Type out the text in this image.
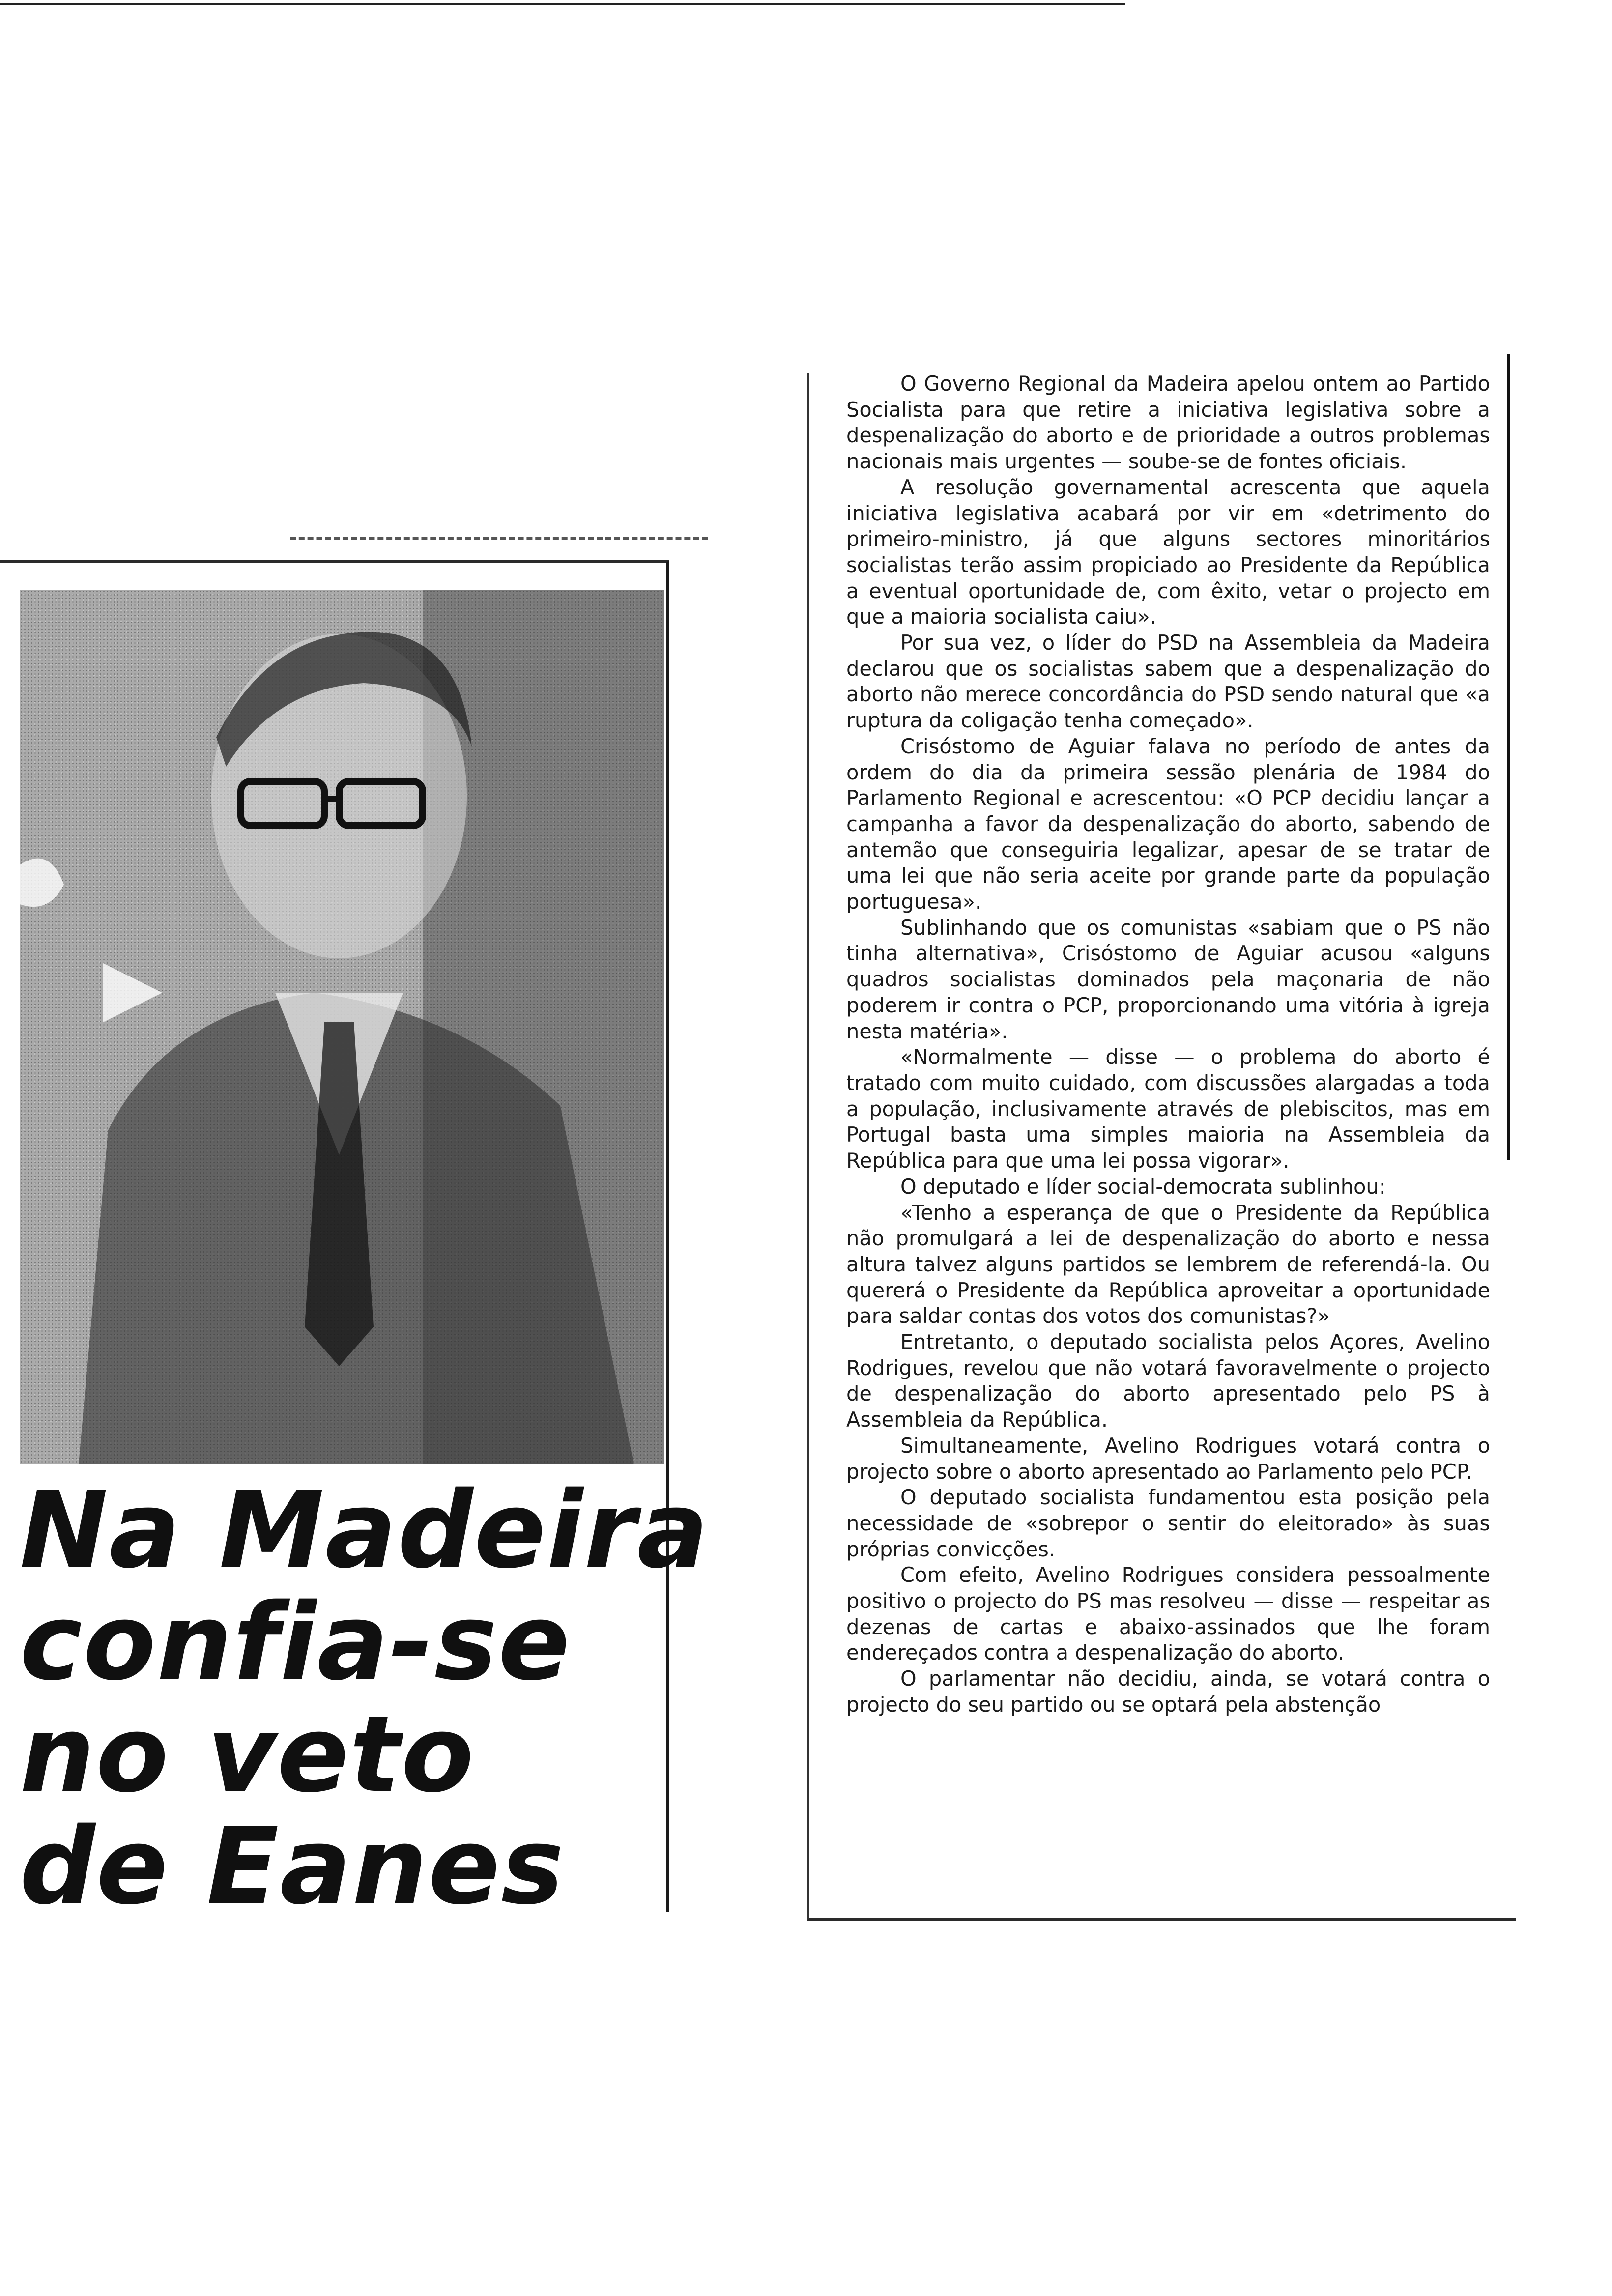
Na Madeira
confia-se
no veto
de Eanes

O Governo Regional da Madeira apelou ontem ao Partido Socialista para que retire a iniciativa legislativa sobre a despenalização do aborto e de prioridade a outros problemas nacionais mais urgentes — soube-se de fontes oficiais.

A resolução governamental acrescenta que aquela iniciativa legislativa acabará por vir em «detrimento do primeiro-ministro, já que alguns sectores minoritários socialistas terão assim propiciado ao Presidente da República a eventual oportunidade de, com êxito, vetar o projecto em que a maioria socialista caiu».

Por sua vez, o líder do PSD na Assembleia da Madeira declarou que os socialistas sabem que a despenalização do aborto não merece concordância do PSD sendo natural que «a ruptura da coligação tenha começado».

Crisóstomo de Aguiar falava no período de antes da ordem do dia da primeira sessão plenária de 1984 do Parlamento Regional e acrescentou: «O PCP decidiu lançar a campanha a favor da despenalização do aborto, sabendo de antemão que conseguiria legalizar, apesar de se tratar de uma lei que não seria aceite por grande parte da população portuguesa».

Sublinhando que os comunistas «sabiam que o PS não tinha alternativa», Crisóstomo de Aguiar acusou «alguns quadros socialistas dominados pela maçonaria de não poderem ir contra o PCP, proporcionando uma vitória à igreja nesta matéria».

«Normalmente — disse — o problema do aborto é tratado com muito cuidado, com discussões alargadas a toda a população, inclusivamente através de plebiscitos, mas em Portugal basta uma simples maioria na Assembleia da República para que uma lei possa vigorar».

O deputado e líder social-democrata sublinhou:

«Tenho a esperança de que o Presidente da República não promulgará a lei de despenalização do aborto e nessa altura talvez alguns partidos se lembrem de referendá-la. Ou quererá o Presidente da República aproveitar a oportunidade para saldar contas dos votos dos comunistas?»

Entretanto, o deputado socialista pelos Açores, Avelino Rodrigues, revelou que não votará favoravelmente o projecto de despenalização do aborto apresentado pelo PS à Assembleia da República.

Simultaneamente, Avelino Rodrigues votará contra o projecto sobre o aborto apresentado ao Parlamento pelo PCP.

O deputado socialista fundamentou esta posição pela necessidade de «sobrepor o sentir do eleitorado» às suas próprias convicções.

Com efeito, Avelino Rodrigues considera pessoalmente positivo o projecto do PS mas resolveu — disse — respeitar as dezenas de cartas e abaixo-assinados que lhe foram endereçados contra a despenalização do aborto.

O parlamentar não decidiu, ainda, se votará contra o projecto do seu partido ou se optará pela abstenção
